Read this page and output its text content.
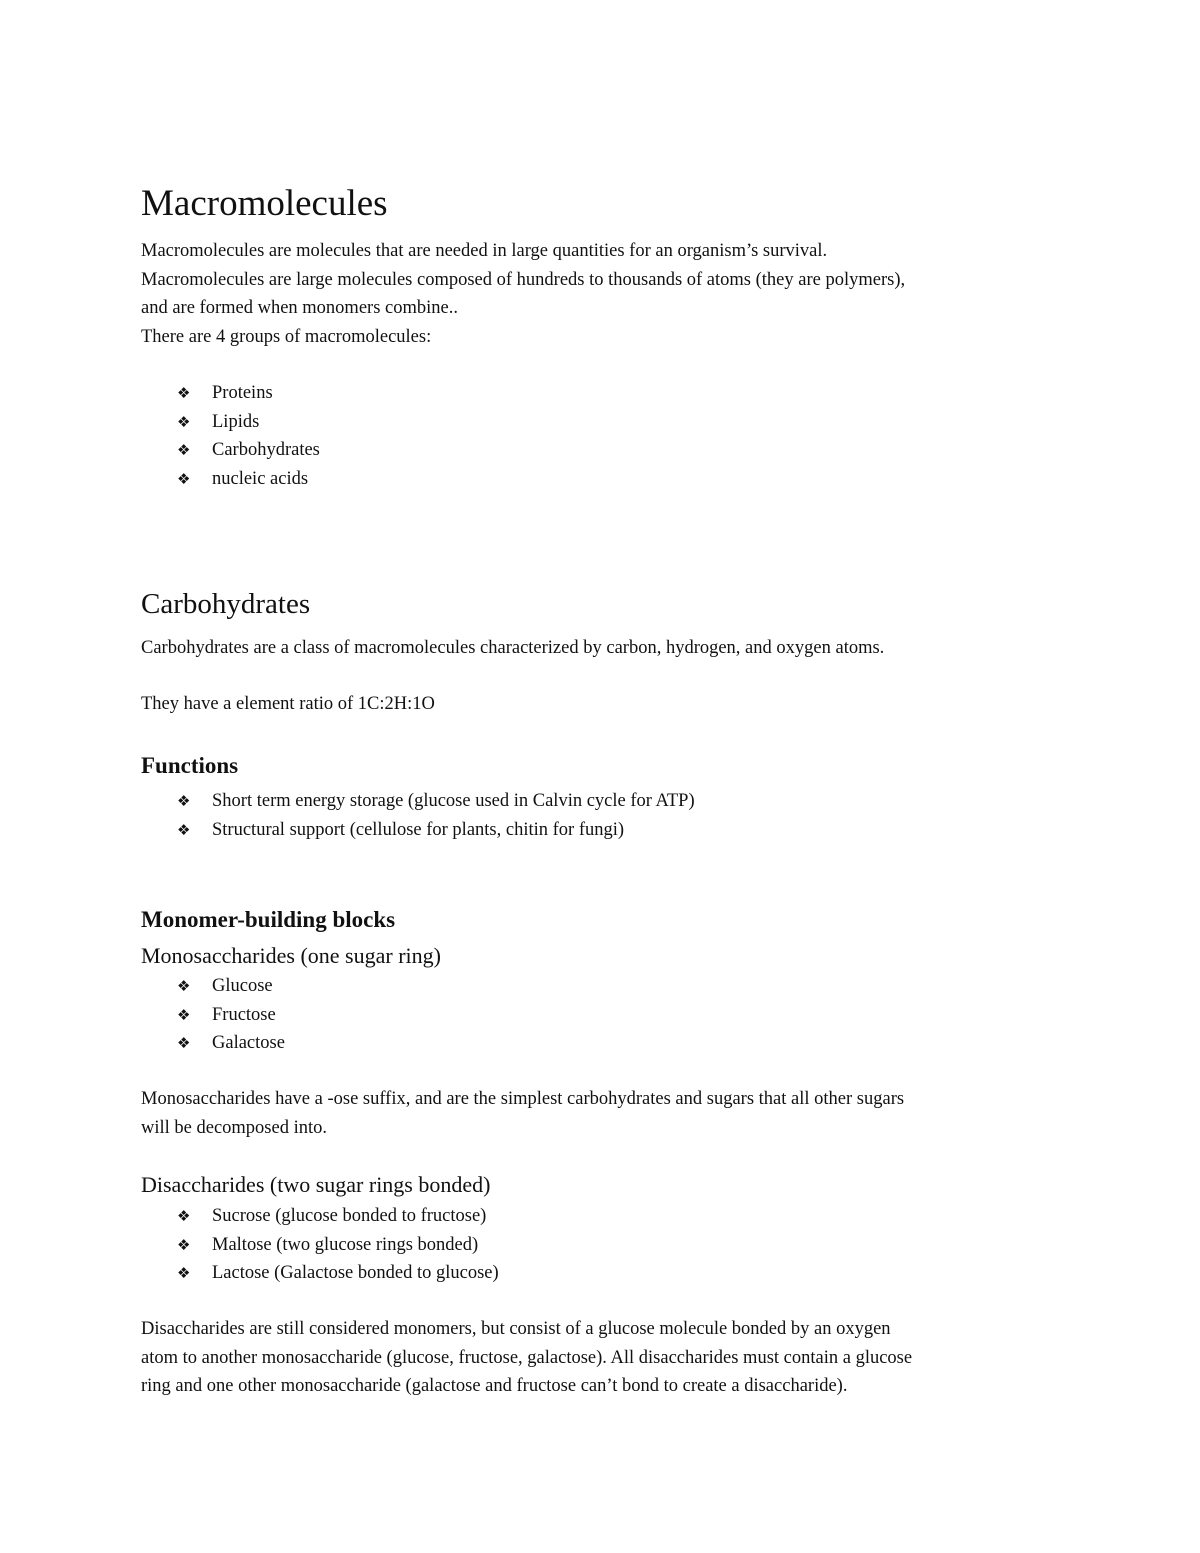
Macromolecules
Macromolecules are molecules that are needed in large quantities for an organism’s survival.
Macromolecules are large molecules composed of hundreds to thousands of atoms (they are polymers),
and are formed when monomers combine..
There are 4 groups of macromolecules:
❖ Proteins
❖ Lipids
❖ Carbohydrates
❖ nucleic acids
Carbohydrates
Carbohydrates are a class of macromolecules characterized by carbon, hydrogen, and oxygen atoms.
They have a element ratio of 1C:2H:1O
Functions
❖ Short term energy storage (glucose used in Calvin cycle for ATP)
❖ Structural support (cellulose for plants, chitin for fungi)
Monomer-building blocks
Monosaccharides (one sugar ring)
❖ Glucose
❖ Fructose
❖ Galactose
Monosaccharides have a -ose suffix, and are the simplest carbohydrates and sugars that all other sugars
will be decomposed into.
Disaccharides (two sugar rings bonded)
❖ Sucrose (glucose bonded to fructose)
❖ Maltose (two glucose rings bonded)
❖ Lactose (Galactose bonded to glucose)
Disaccharides are still considered monomers, but consist of a glucose molecule bonded by an oxygen
atom to another monosaccharide (glucose, fructose, galactose). All disaccharides must contain a glucose
ring and one other monosaccharide (galactose and fructose can’t bond to create a disaccharide).
